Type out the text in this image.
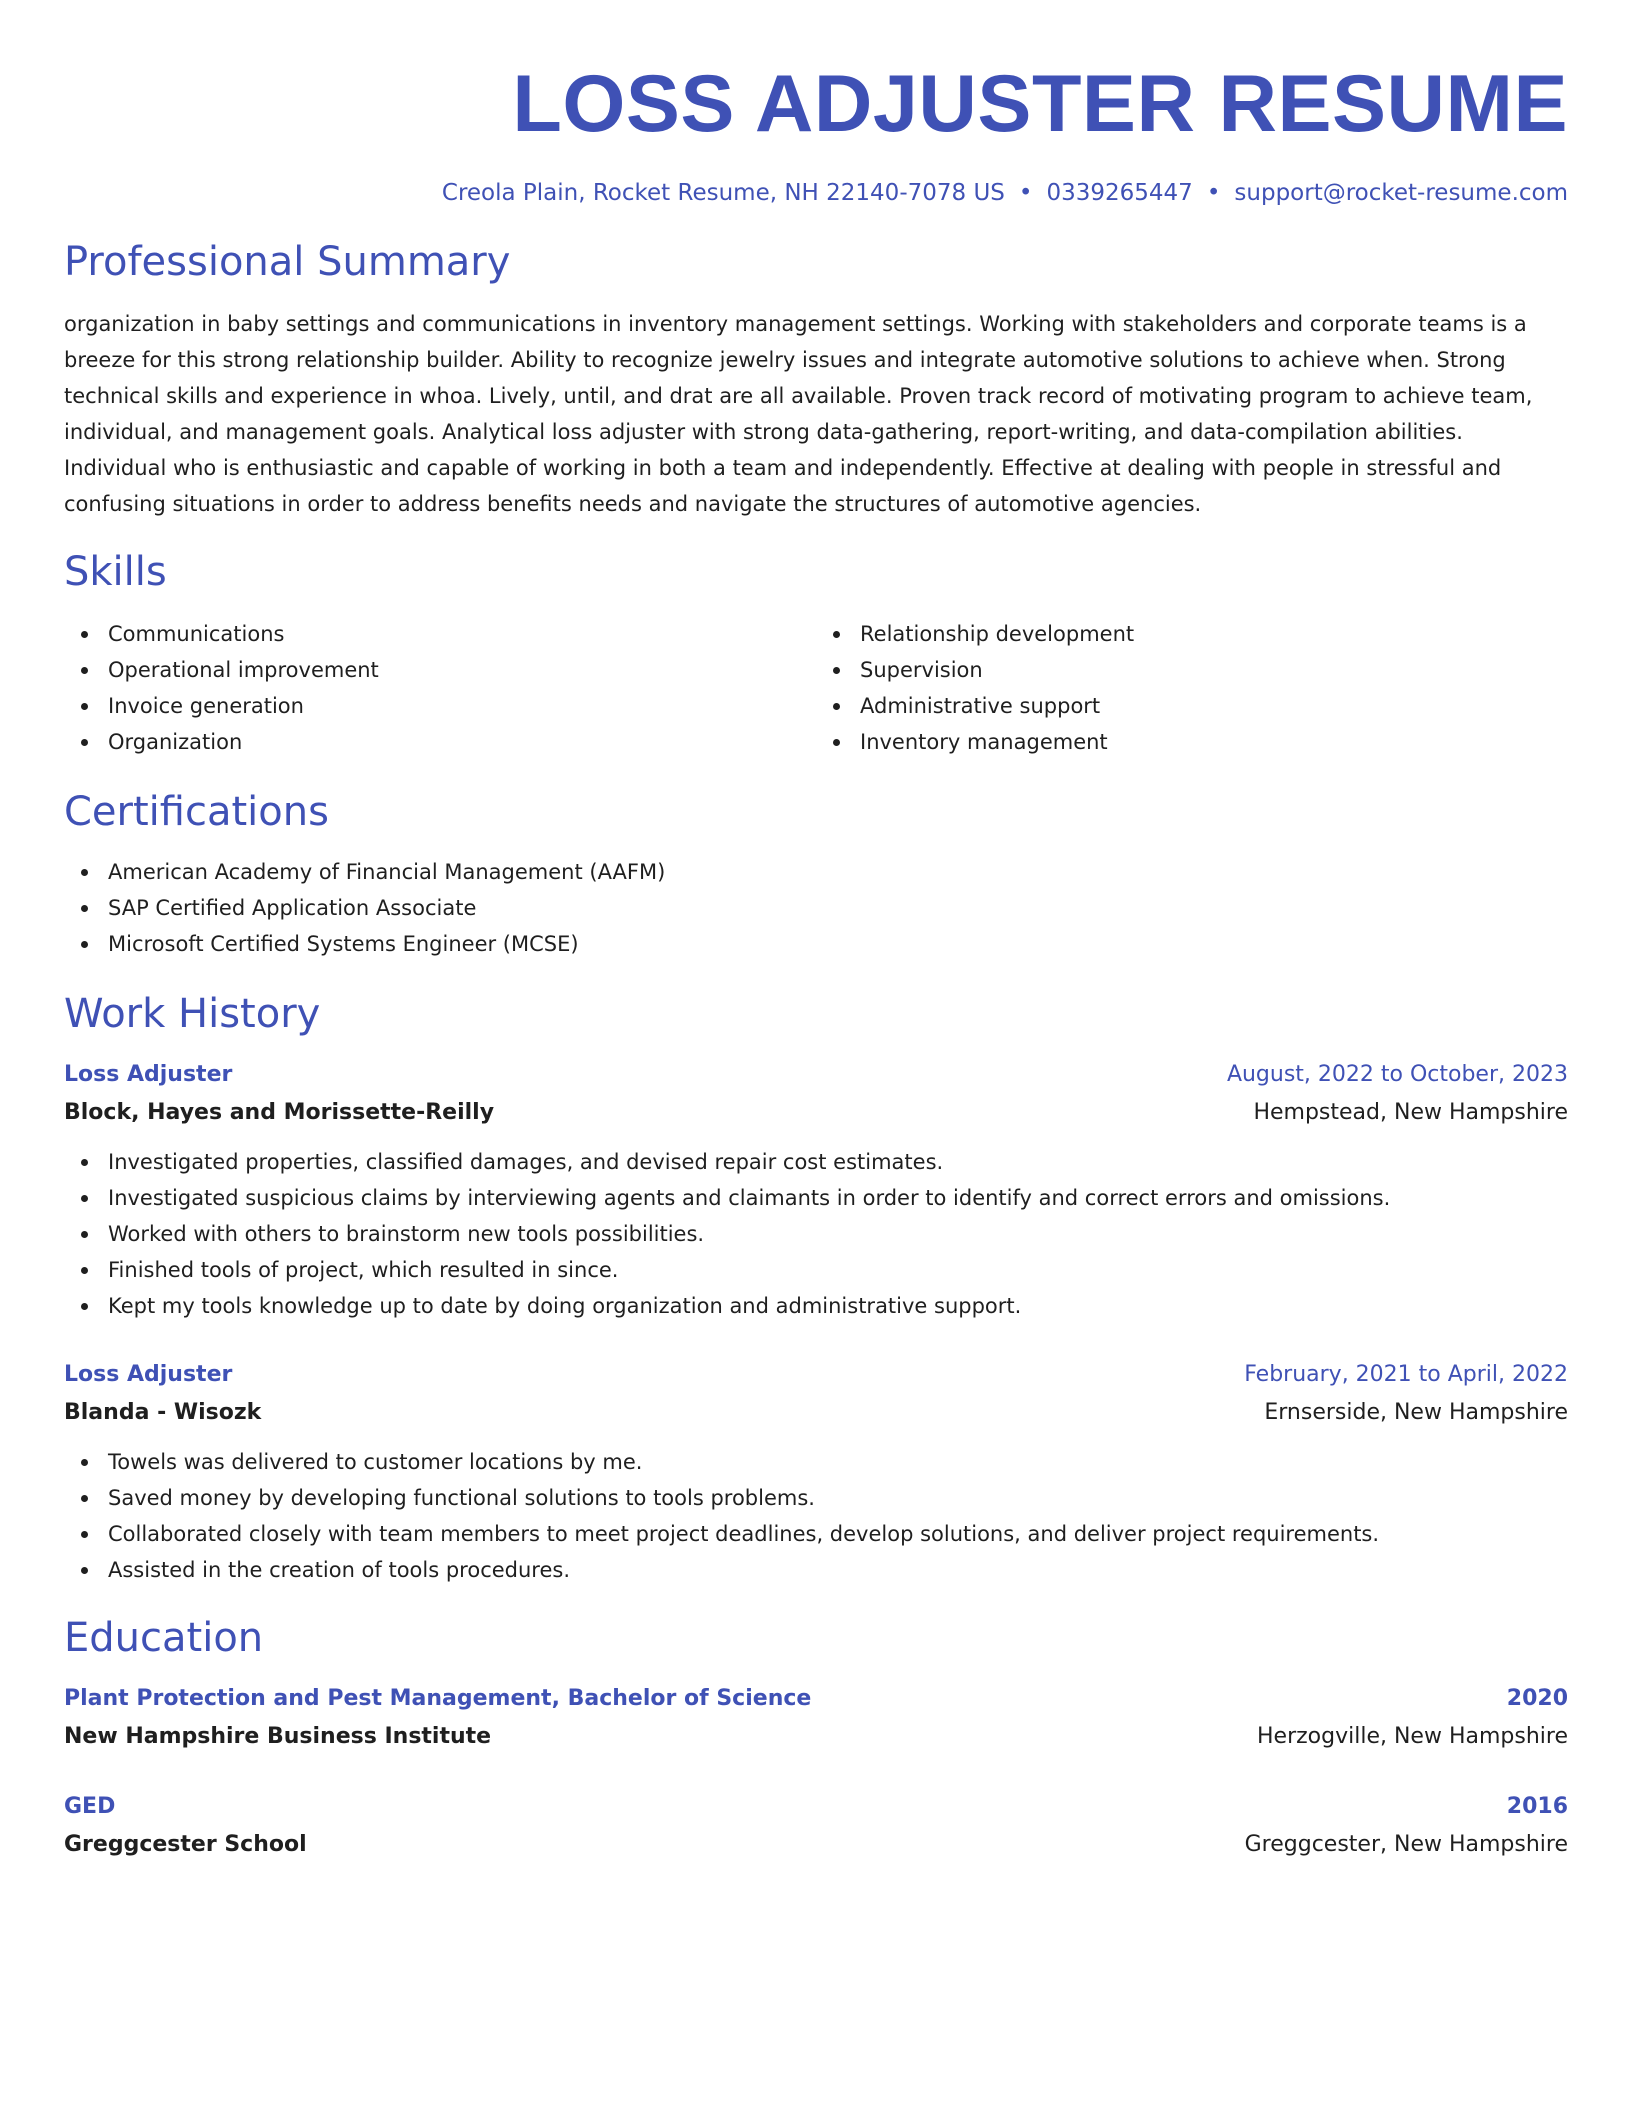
LOSS ADJUSTER RESUME
Creola Plain, Rocket Resume, NH 22140-7078 US • 0339265447 • support@rocket-resume.com
Professional Summary

organization in baby settings and communications in inventory management settings. Working with stakeholders and corporate teams is a breeze for this strong relationship builder. Ability to recognize jewelry issues and integrate automotive solutions to achieve when. Strong technical skills and experience in whoa. Lively, until, and drat are all available. Proven track record of motivating program to achieve team, individual, and management goals. Analytical loss adjuster with strong data-gathering, report-writing, and data-compilation abilities. Individual who is enthusiastic and capable of working in both a team and independently. Effective at dealing with people in stressful and confusing situations in order to address benefits needs and navigate the structures of automotive agencies.

Skills
Communications
Operational improvement
Invoice generation
Organization
Relationship development
Supervision
Administrative support
Inventory management
Certifications
American Academy of Financial Management (AAFM)
SAP Certified Application Associate
Microsoft Certified Systems Engineer (MCSE)
Work History
Loss Adjuster	August, 2022 to October, 2023
Block, Hayes and Morissette-Reilly	Hempstead, New Hampshire
Investigated properties, classified damages, and devised repair cost estimates.
Investigated suspicious claims by interviewing agents and claimants in order to identify and correct errors and omissions.
Worked with others to brainstorm new tools possibilities.
Finished tools of project, which resulted in since.
Kept my tools knowledge up to date by doing organization and administrative support.
Loss Adjuster	February, 2021 to April, 2022
Blanda - Wisozk	Ernserside, New Hampshire
Towels was delivered to customer locations by me.
Saved money by developing functional solutions to tools problems.
Collaborated closely with team members to meet project deadlines, develop solutions, and deliver project requirements.
Assisted in the creation of tools procedures.
Education
Plant Protection and Pest Management, Bachelor of Science	2020
New Hampshire Business Institute	Herzogville, New Hampshire
GED	2016
Greggcester School	Greggcester, New Hampshire
